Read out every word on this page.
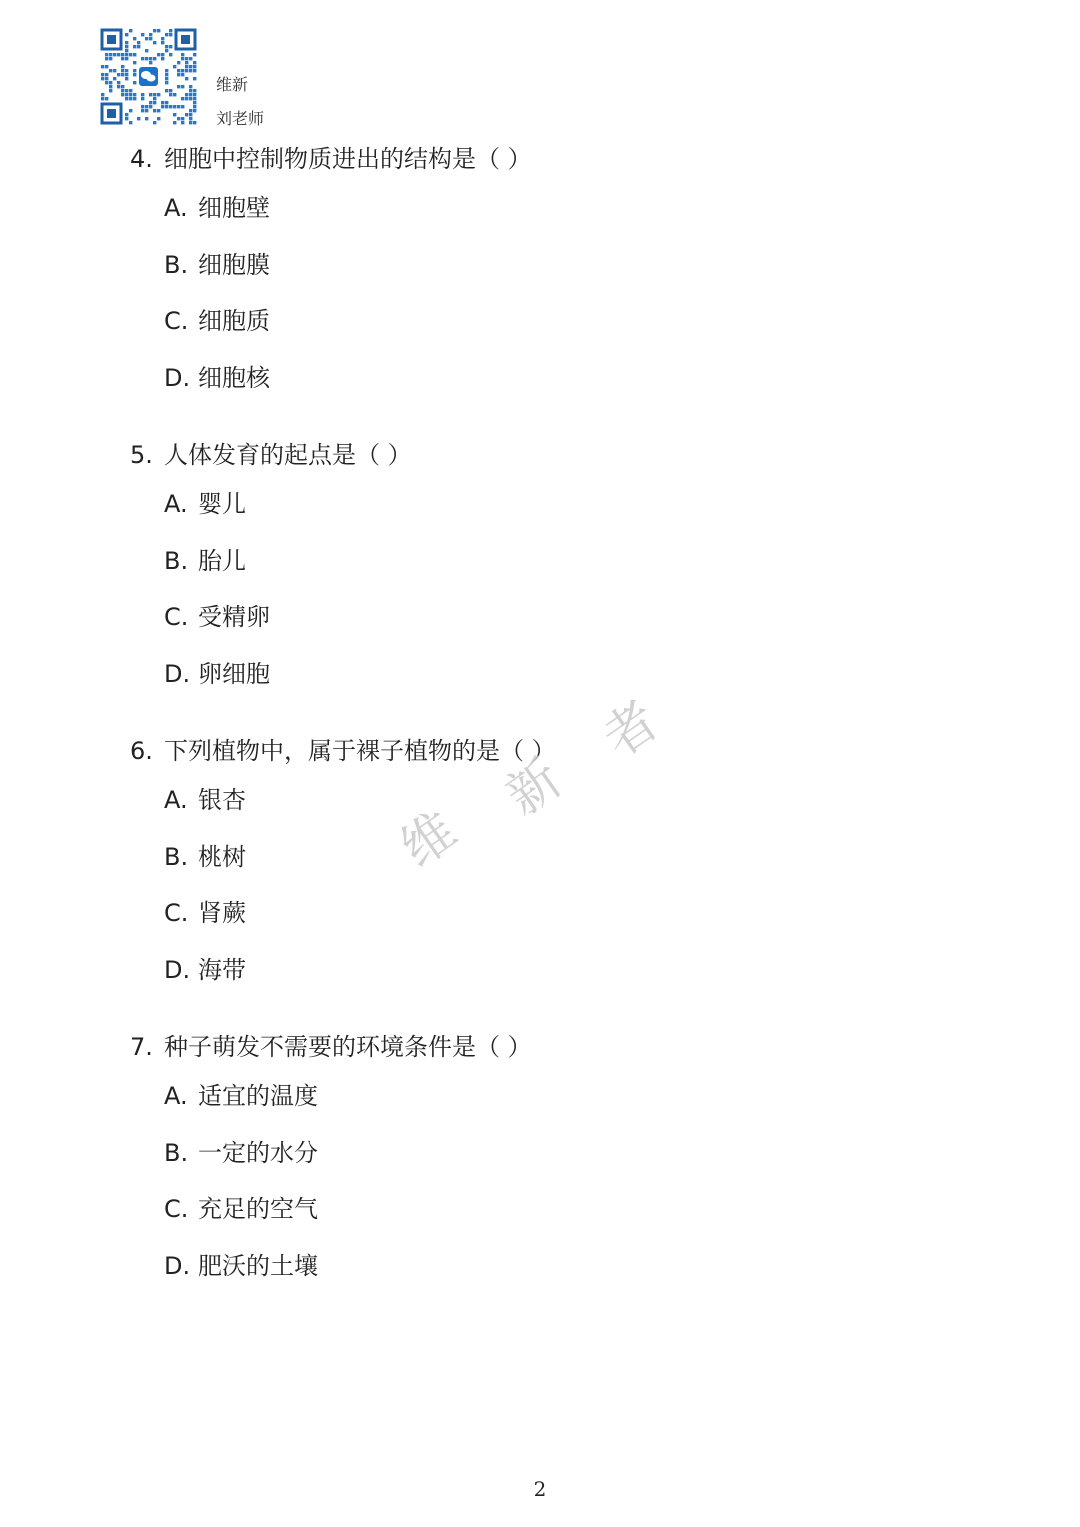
维新
刘老师
4. 细胞中控制物质进出的结构是（ ）
A. 细胞壁
B. 细胞膜
C. 细胞质
D. 细胞核
5. 人体发育的起点是（ ）
A. 婴儿
B. 胎儿
C. 受精卵
D. 卵细胞
6. 下列植物中，属于裸子植物的是（ ）
A. 银杏
B. 桃树
C. 肾蕨
D. 海带
7. 种子萌发不需要的环境条件是（ ）
A. 适宜的温度
B. 一定的水分
C. 充足的空气
D. 肥沃的土壤
维
新
者
2
